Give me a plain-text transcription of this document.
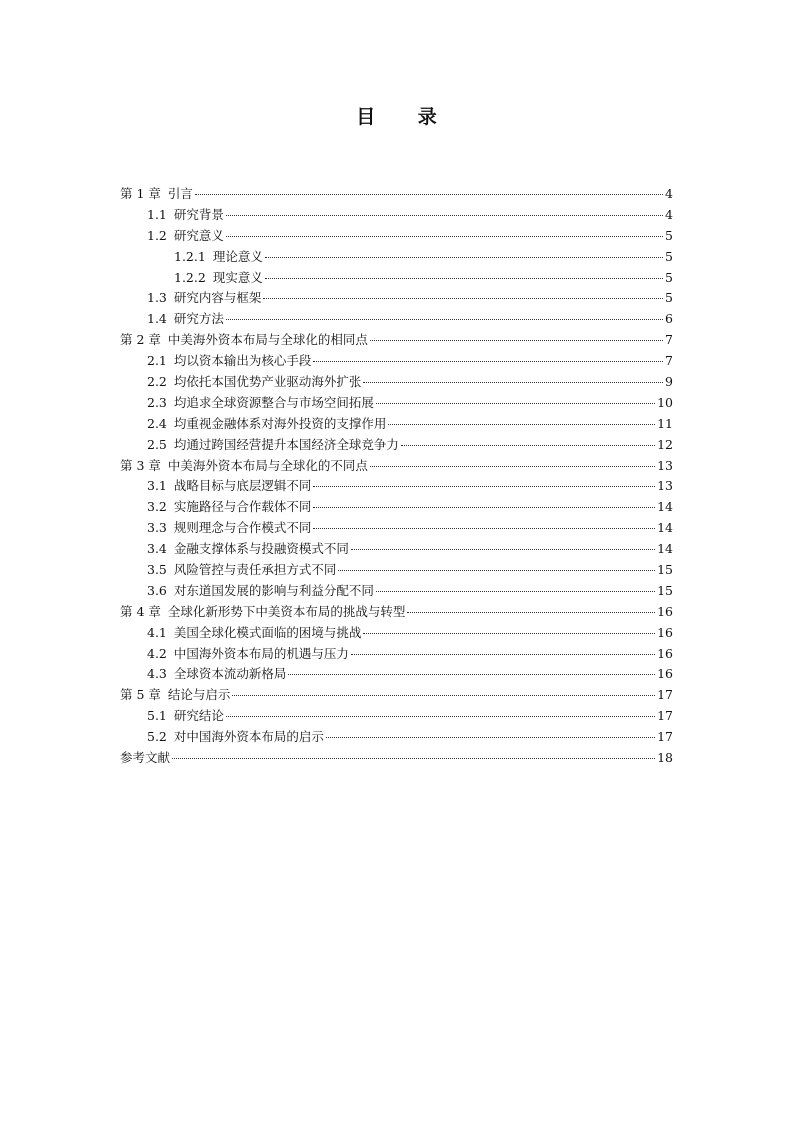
目 录
第 1 章 引言	4
1.1 研究背景	4
1.2 研究意义	5
1.2.1 理论意义	5
1.2.2 现实意义	5
1.3 研究内容与框架	5
1.4 研究方法	6
第 2 章 中美海外资本布局与全球化的相同点	7
2.1 均以资本输出为核心手段	7
2.2 均依托本国优势产业驱动海外扩张	9
2.3 均追求全球资源整合与市场空间拓展	10
2.4 均重视金融体系对海外投资的支撑作用	11
2.5 均通过跨国经营提升本国经济全球竞争力	12
第 3 章 中美海外资本布局与全球化的不同点	13
3.1 战略目标与底层逻辑不同	13
3.2 实施路径与合作载体不同	14
3.3 规则理念与合作模式不同	14
3.4 金融支撑体系与投融资模式不同	14
3.5 风险管控与责任承担方式不同	15
3.6 对东道国发展的影响与利益分配不同	15
第 4 章 全球化新形势下中美资本布局的挑战与转型	16
4.1 美国全球化模式面临的困境与挑战	16
4.2 中国海外资本布局的机遇与压力	16
4.3 全球资本流动新格局	16
第 5 章 结论与启示	17
5.1 研究结论	17
5.2 对中国海外资本布局的启示	17
参考文献	18
